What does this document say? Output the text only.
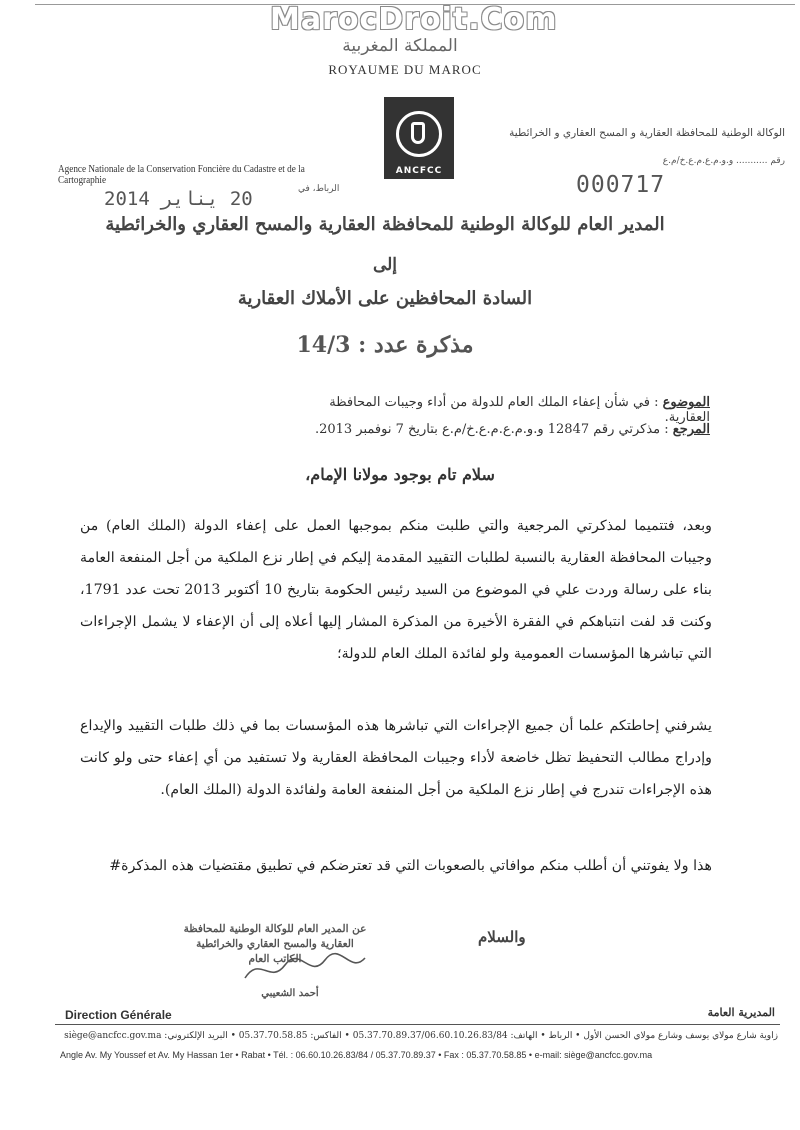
MarocDroit.Com
المملكة المغربية
ROYAUME DU MAROC
ANCFCC
Agence Nationale de la Conservation Foncière du Cadastre et de la Cartographie
الوكالة الوطنية للمحافظة العقارية و المسح العقاري و الخرائطية
رقم ........... و.و.م.ع.م.ع.خ/م.ع
000717
الرباط، في
20 يناير 2014
المدير العام للوكالة الوطنية للمحافظة العقارية والمسح العقاري والخرائطية
إلى
السادة المحافظين على الأملاك العقارية
مذكرة عدد : 14/3
الموضوع : في شأن إعفاء الملك العام للدولة من أداء وجيبات المحافظة العقارية.
المرجع : مذكرتي رقم 12847 و.و.م.ع.م.ع.خ/م.ع بتاريخ 7 نوفمبر 2013.
سلام تام بوجود مولانا الإمام،
وبعد، فتتميما لمذكرتي المرجعية والتي طلبت منكم بموجبها العمل على إعفاء الدولة (الملك العام) من وجيبات المحافظة العقارية بالنسبة لطلبات التقييد المقدمة إليكم في إطار نزع الملكية من أجل المنفعة العامة بناء على رسالة وردت علي في الموضوع من السيد رئيس الحكومة بتاريخ 10 أكتوبر 2013 تحت عدد 1791، وكنت قد لفت انتباهكم في الفقرة الأخيرة من المذكرة المشار إليها أعلاه إلى أن الإعفاء لا يشمل الإجراءات التي تباشرها المؤسسات العمومية ولو لفائدة الملك العام للدولة؛
يشرفني إحاطتكم علما أن جميع الإجراءات التي تباشرها هذه المؤسسات بما في ذلك طلبات التقييد والإيداع وإدراج مطالب التحفيظ تظل خاضعة لأداء وجيبات المحافظة العقارية ولا تستفيد من أي إعفاء حتى ولو كانت هذه الإجراءات تندرج في إطار نزع الملكية من أجل المنفعة العامة ولفائدة الدولة (الملك العام).
هذا ولا يفوتني أن أطلب منكم موافاتي بالصعوبات التي قد تعترضكم في تطبيق مقتضيات هذه المذكرة#
والسلام
عن المدير العام للوكالة الوطنية للمحافظة
العقارية والمسح العقاري والخرائطية
الكاتب العام
أحمد الشعيبي
Direction Générale	المديرية العامة
زاوية شارع مولاي يوسف وشارع مولاي الحسن الأول • الرباط • الهاتف: 05.37.70.89.37/06.60.10.26.83/84 • الفاكس: 05.37.70.58.85 • البريد الإلكتروني: siège@ancfcc.gov.ma
Angle Av. My Youssef et Av. My Hassan 1er • Rabat • Tél. : 06.60.10.26.83/84 / 05.37.70.89.37 • Fax : 05.37.70.58.85 • e-mail: siège@ancfcc.gov.ma
